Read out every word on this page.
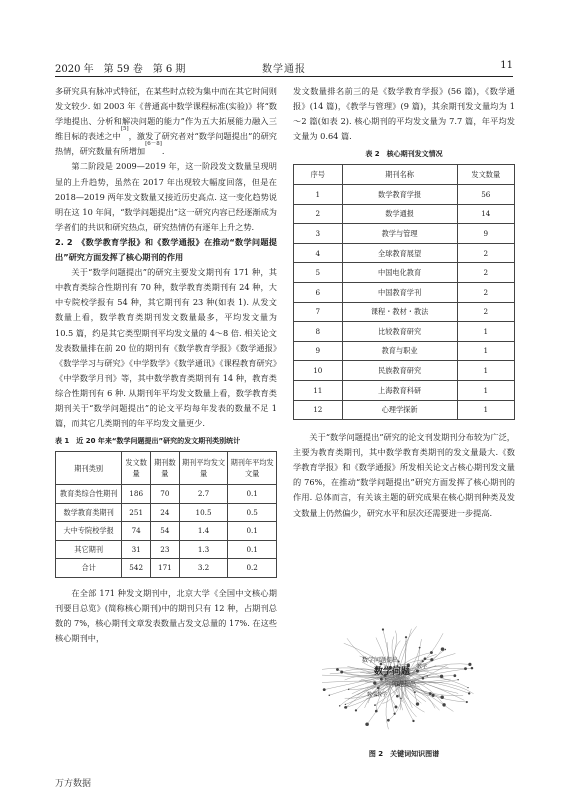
2020 年　第 59 卷　第 6 期	数学通报	11

多研究具有脉冲式特征，在某些时点较为集中而在其它时间则发文较少. 如 2003 年《普通高中数学课程标准(实验)》将“数学地提出、分析和解决问题的能力”作为五大拓展能力融入三维目标的表述之中[5]，激发了研究者对“数学问题提出”的研究热情，研究数量有所增加[6－8].

第二阶段是 2009—2019 年，这一阶段发文数量呈现明显的上升趋势，虽然在 2017 年出现较大幅度回落，但是在 2018—2019 两年发文数量又接近历史高点. 这一变化趋势说明在这 10 年间，“数学问题提出”这一研究内容已经逐渐成为学者们的共识和研究热点，研究热情仍有逐年上升之势.

2. 2　《数学教育学报》和《数学通报》在推动“数学问题提出”研究方面发挥了核心期刊的作用

关于“数学问题提出”的研究主要发文期刊有 171 种，其中教育类综合性期刊有 70 种，数学教育类期刊有 24 种，大中专院校学报有 54 种，其它期刊有 23 种(如表 1). 从发文数量上看，数学教育类期刊发文数量最多，平均发文量为 10.5 篇，约是其它类型期刊平均发文量的 4～8 倍. 相关论文发表数量排在前 20 位的期刊有《数学教育学报》《数学通报》《数学学习与研究》《中学数学》《数学通讯》《课程教育研究》《中学数学月刊》等，其中数学教育类期刊有 14 种，教育类综合性期刊有 6 种. 从期刊年平均发文数量上看，数学教育类期刊关于“数学问题提出”的论文平均每年发表的数量不足 1 篇，而其它几类期刊的年平均发文量更少.

表 1　近 20 年来“数学问题提出”研究的发文期刊类别统计
期刊类别	发文数量	期刊数量	期刊平均发文量	期刊年平均发文量
教育类综合性期刊	186	70	2.7	0.1
数学教育类期刊	251	24	10.5	0.5
大中专院校学报	74	54	1.4	0.1
其它期刊	31	23	1.3	0.1
合计	542	171	3.2	0.2

在全部 171 种发文期刊中，北京大学《全国中文核心期刊要目总览》(简称核心期刊)中的期刊只有 12 种，占期刊总数的 7%，核心期刊文章发表数量占发文总量的 17%. 在这些核心期刊中，

发文数量排名前三的是《数学教育学报》(56 篇)，《数学通报》(14 篇)，《教学与管理》(9 篇)，其余期刊发文量均为 1～2 篇(如表 2). 核心期刊的平均发文量为 7.7 篇，年平均发文量为 0.64 篇.

表 2　核心期刊发文情况
序号	期刊名称	发文数量
1	数学教育学报	56
2	数学通报	14
3	教学与管理	9
4	全球教育展望	2
5	中国电化教育	2
6	中国教育学刊	2
7	课程・教材・教法	2
8	比较教育研究	1
9	教育与职业	1
10	民族教育研究	1
11	上海教育科研	1
12	心理学探新	1

关于“数学问题提出”研究的论文刊发期刊分布较为广泛，主要为教育类期刊，其中数学教育类期刊的发文量最大.《数学教育学报》和《数学通报》所发相关论文占核心期刊发文量的 76%，在推动“数学问题提出”研究方面发挥了核心期刊的作用. 总体而言，有关该主题的研究成果在核心期刊种类及发文数量上仍然偏少，研究水平和层次还需要进一步提高.

数学问题
数学问题提出
问题提出
数学教学
数学
图 2　关键词知识图谱
万方数据
